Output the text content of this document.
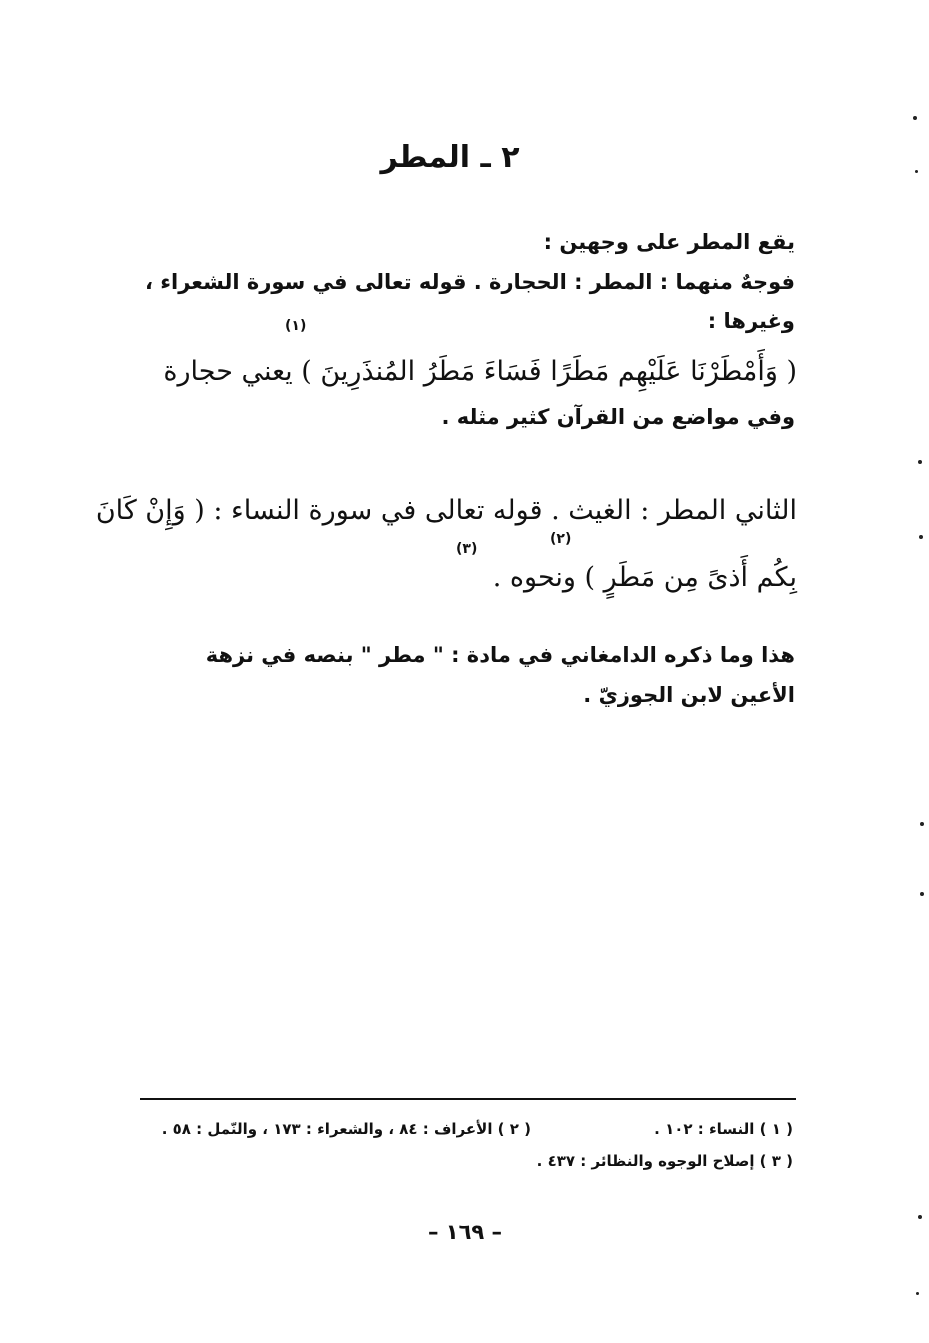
٢ ـ المطر
يقع المطر على وجهين :
فوجهٌ منهما : المطر : الحجارة . قوله تعالى في سورة الشعراء ،
وغيرها :
(١)
( وَأَمْطَرْنَا عَلَيْهِم مَطَرًا فَسَاءَ مَطَرُ المُنذَرِينَ ) يعني حجارة
وفي مواضع من القرآن كثير مثله .
الثاني المطر : الغيث . قوله تعالى في سورة النساء : ( وَإِنْ كَانَ
(٢)
(٣)
بِكُم أَذىً مِن مَطَرٍ ) ونحوه .
هذا وما ذكره الدامغاني في مادة : " مطر " بنصه في نزهة
الأعين لابن الجوزيّ .
( ١ ) النساء : ١٠٢ .
( ٢ ) الأعراف : ٨٤ ، والشعراء : ١٧٣ ، والنّمل : ٥٨ .
( ٣ ) إصلاح الوجوه والنظائر : ٤٣٧ .
– ١٦٩ –
